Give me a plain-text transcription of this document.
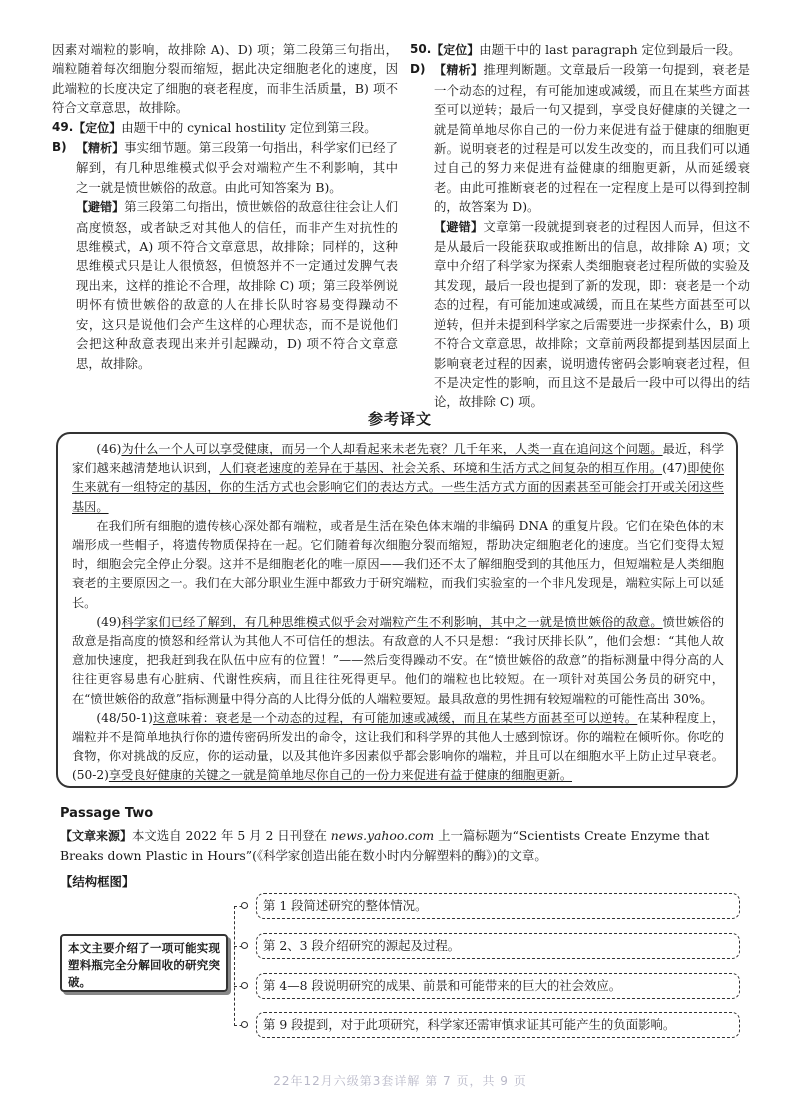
因素对端粒的影响，故排除 A)、D) 项；第二段第三句指出，端粒随着每次细胞分裂而缩短，据此决定细胞老化的速度，因此端粒的长度决定了细胞的衰老程度，而非生活质量，B) 项不符合文章意思，故排除。

49. 【定位】由题干中的 cynical hostility 定位到第三段。
B) 【精析】事实细节题。第三段第一句指出，科学家们已经了解到，有几种思维模式似乎会对端粒产生不利影响，其中之一就是愤世嫉俗的敌意。由此可知答案为 B)。
【避错】第三段第二句指出，愤世嫉俗的敌意往往会让人们高度愤怒，或者缺乏对其他人的信任，而非产生对抗性的思维模式，A) 项不符合文章意思，故排除；同样的，这种思维模式只是让人很愤怒，但愤怒并不一定通过发脾气表现出来，这样的推论不合理，故排除 C) 项；第三段举例说明怀有愤世嫉俗的敌意的人在排长队时容易变得躁动不安，这只是说他们会产生这样的心理状态，而不是说他们会把这种敌意表现出来并引起躁动，D) 项不符合文章意思，故排除。
50. 【定位】由题干中的 last paragraph 定位到最后一段。
D) 【精析】推理判断题。文章最后一段第一句提到，衰老是一个动态的过程，有可能加速或减缓，而且在某些方面甚至可以逆转；最后一句又提到，享受良好健康的关键之一就是简单地尽你自己的一份力来促进有益于健康的细胞更新。说明衰老的过程是可以发生改变的，而且我们可以通过自己的努力来促进有益健康的细胞更新，从而延缓衰老。由此可推断衰老的过程在一定程度上是可以得到控制的，故答案为 D)。
【避错】文章第一段就提到衰老的过程因人而异，但这不是从最后一段能获取或推断出的信息，故排除 A) 项；文章中介绍了科学家为探索人类细胞衰老过程所做的实验及其发现，最后一段也提到了新的发现，即：衰老是一个动态的过程，有可能加速或减缓，而且在某些方面甚至可以逆转，但并未提到科学家之后需要进一步探索什么，B) 项不符合文章意思，故排除；文章前两段都提到基因层面上影响衰老过程的因素，说明遗传密码会影响衰老过程，但不是决定性的影响，而且这不是最后一段中可以得出的结论，故排除 C) 项。
参考译文

(46)为什么一个人可以享受健康，而另一个人却看起来未老先衰？几千年来，人类一直在追问这个问题。最近，科学家们越来越清楚地认识到，人们衰老速度的差异在于基因、社会关系、环境和生活方式之间复杂的相互作用。(47)即使你生来就有一组特定的基因，你的生活方式也会影响它们的表达方式。一些生活方式方面的因素甚至可能会打开或关闭这些基因。

在我们所有细胞的遗传核心深处都有端粒，或者是生活在染色体末端的非编码 DNA 的重复片段。它们在染色体的末端形成一些帽子，将遗传物质保持在一起。它们随着每次细胞分裂而缩短，帮助决定细胞老化的速度。当它们变得太短时，细胞会完全停止分裂。这并不是细胞老化的唯一原因——我们还不太了解细胞受到的其他压力，但短端粒是人类细胞衰老的主要原因之一。我们在大部分职业生涯中都致力于研究端粒，而我们实验室的一个非凡发现是，端粒实际上可以延长。

(49)科学家们已经了解到，有几种思维模式似乎会对端粒产生不利影响，其中之一就是愤世嫉俗的敌意。愤世嫉俗的敌意是指高度的愤怒和经常认为其他人不可信任的想法。有敌意的人不只是想：“我讨厌排长队”，他们会想：“其他人故意加快速度，把我赶到我在队伍中应有的位置！”——然后变得躁动不安。在“愤世嫉俗的敌意”的指标测量中得分高的人往往更容易患有心脏病、代谢性疾病，而且往往死得更早。他们的端粒也比较短。在一项针对英国公务员的研究中，在“愤世嫉俗的敌意”指标测量中得分高的人比得分低的人端粒要短。最具敌意的男性拥有较短端粒的可能性高出 30%。

(48/50-1)这意味着：衰老是一个动态的过程，有可能加速或减缓，而且在某些方面甚至可以逆转。在某种程度上，端粒并不是简单地执行你的遗传密码所发出的命令，这让我们和科学界的其他人士感到惊讶。你的端粒在倾听你。你吃的食物，你对挑战的反应，你的运动量，以及其他许多因素似乎都会影响你的端粒，并且可以在细胞水平上防止过早衰老。(50-2)享受良好健康的关键之一就是简单地尽你自己的一份力来促进有益于健康的细胞更新。

Passage Two
【文章来源】本文选自 2022 年 5 月 2 日刊登在 news.yahoo.com 上一篇标题为“Scientists Create Enzyme that Breaks down Plastic in Hours”(《科学家创造出能在数小时内分解塑料的酶》)的文章。
【结构框图】
本文主要介绍了一项可能实现塑料瓶完全分解回收的研究突破。
第 1 段简述研究的整体情况。
第 2、3 段介绍研究的源起及过程。
第 4—8 段说明研究的成果、前景和可能带来的巨大的社会效应。
第 9 段提到，对于此项研究，科学家还需审慎求证其可能产生的负面影响。
22年12月六级第3套详解 第 7 页，共 9 页
